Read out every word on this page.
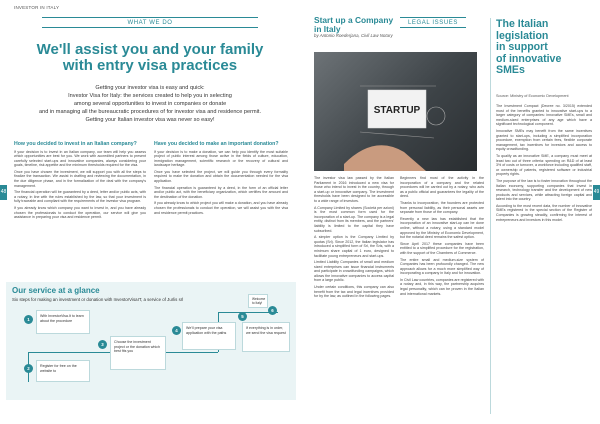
48	49
INVESTOR IN ITALY
WHAT WE DO
We'll assist you and your family
with entry visa practices
Getting your investor visa is easy and quick:
Investor Visa for Italy: the services created to help you in selecting
among several opportunities to invest in companies or donate
and in managing all the bureaucratic procedures of for investor visa and residence permit.
Getting your Italian investor visa was never so easy!
How you decided to invest in an Italian company?

If your decision is to invest in an Italian company, our team will help you assess which opportunities are best for you. We work with accredited partners to present carefully selected start-ups and innovative companies, always considering your goals, timeline, risk appetite and the minimum thresholds required for the visa.

Once you have chosen the investment, we will support you with all the steps to finalize the transaction. We assist in drafting and reviewing the documentation, in the due diligence phase, and in the formalization of the deal with the company's management.

The financial operation will be guaranteed by a deed, letter and/or public acts, with a notary, in line with the rules established by the law, so that your investment is fully traceable and compliant with the requirements of the investor visa program.

If you already know which company you want to invest in, and you have already chosen the professionals to conduct the operation, our service will give you assistance in preparing your visa and residence permit.

Have you decided to make an important donation?

If your decision is to make a donation, we can help you identify the most suitable project of public interest among those active in the fields of culture, education, immigration management, scientific research or the recovery of cultural and landscape heritage.

Once you have selected the project, we will guide you through every formality required to make the donation and obtain the documentation needed for the visa application.

The financial operation is guaranteed by a deed, in the form of an official letter and/or public act, with the beneficiary organization, which certifies the amount and the destination of the donation.

If you already know to which project you will make a donation, and you have already chosen the professionals to conduct the operation, we will assist you with the visa and residence permit practices.

Our service at a glance
Six steps for making an investment or donation with InvestorVisaIT, a service of Jurlis srl
1
With InvestorVisa.It to learn about the procedure
2	Register for free on the website to
3	Choose the investment project or the donation which best fits you
4	We'll prepare your visa application with the paths
5
If everything is in order, we send the visa request
6
Welcome to Italy!
LEGAL ISSUES
Start up a Company in Italy
by Antonio Roederjana, Civil Law Notary
STARTUP

The investor visa law passed by the Italian Parliament in 2016 introduced a new visa for those who intend to invest in the country, through a start-up or innovative company. The investment thresholds have been designed to be accessible to a wide range of investors.

A Company Limited by shares (Società per azioni) is the most common form used for the incorporation of a start-up. The company is a legal entity, distinct from its members, and the partners' liability is limited to the capital they have subscribed.

A simpler option is the Company Limited by quotas (Srl). Since 2012, the Italian legislator has introduced a simplified form of Srl, the Srls, with a minimum share capital of 1 euro, designed to facilitate young entrepreneurs and start-ups.

Limited Liability Companies of small and medium sized enterprises can issue financial instruments and participate in crowdfunding campaigns, which allows the innovative companies to access capital from a large public.

Under certain conditions, this company can also benefit from the tax and legal incentives provided for by the law, as outlined in the following pages.

Beginners find most of the activity in the incorporation of a company and the related procedures will be carried out by a notary, who acts as a public official and guarantees the legality of the deed.

Thanks to incorporation, the founders are protected from personal liability, as their personal assets are separate from those of the company.

Recently a new law has established that the incorporation of an innovative start-up can be done online, without a notary, using a standard model approved by the Ministry of Economic Development, but the notarial deed remains the safest option.

Since April 2017 these companies have been entitled to a simplified procedure for the registration, with the support of the Chambers of Commerce.

The entire small and medium-size system of Companies has been profoundly changed. The new approach allows for a much more simplified way of incorporating a company in Italy and for innovation.

In Civil Law countries, companies are registered with a notary and, in this way, the partnership acquires legal personality, which can be proven in the Italian and international markets.

The Italian
legislation
in support
of innovative
SMEs
Source: Ministry of Economic Development

The Investment Compact (Decree no. 3/2015) extended most of the benefits granted to innovative start-ups to a larger category of companies: innovative SMEs, small and medium-sized enterprises of any age which have a significant technological component.

Innovative SMEs may benefit from the same incentives granted to start-ups, including a simplified incorporation procedure, exemption from certain fees, flexible corporate management, tax incentives for investors and access to equity crowdfunding.

To qualify as an innovative SME, a company must meet at least two out of three criteria: spending on R&D of at least 3% of costs or turnover, a workforce including qualified staff, or ownership of patents, registered software or industrial property rights.

The purpose of the law is to foster innovation throughout the Italian economy, supporting companies that invest in research, technology transfer and the development of new products and services, while attracting foreign capital and talent into the country.

According to the most recent data, the number of innovative SMEs registered in the special section of the Register of Companies is growing steadily, confirming the interest of entrepreneurs and investors in this model.
